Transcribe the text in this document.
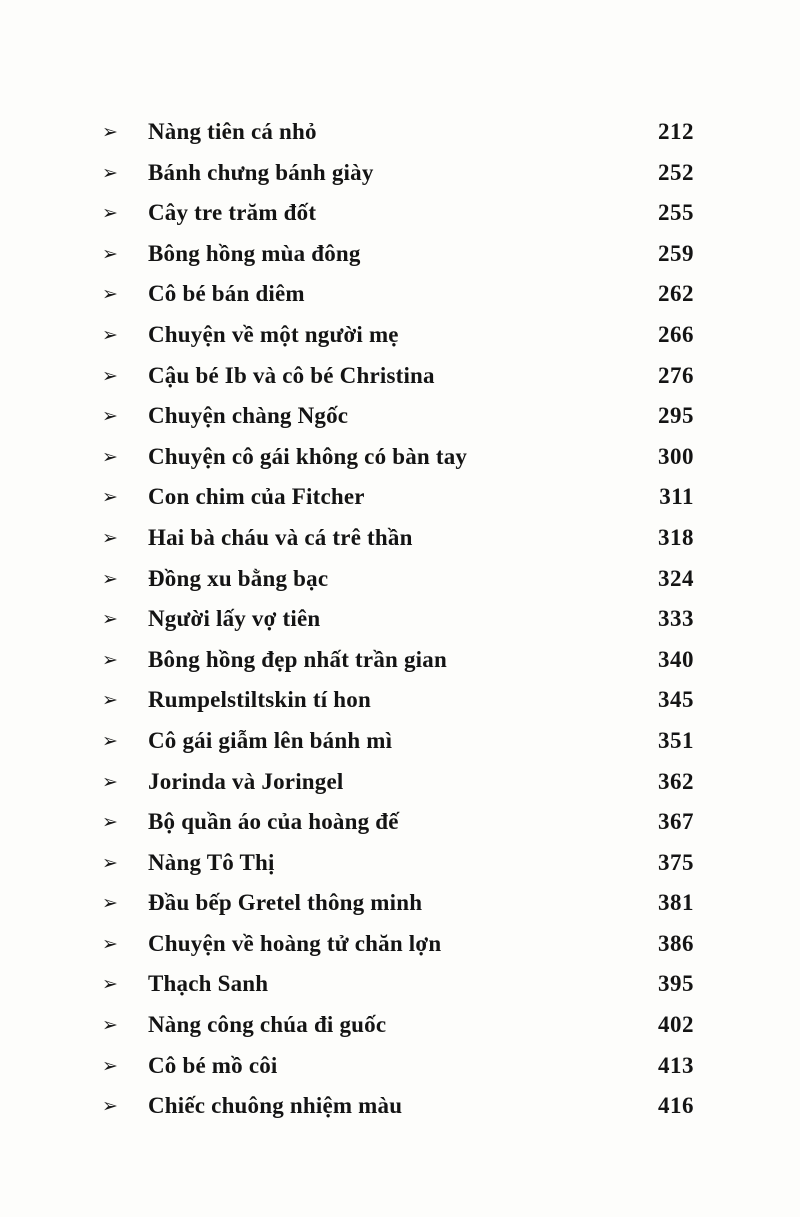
➢	Nàng tiên cá nhỏ	212
➢	Bánh chưng bánh giày	252
➢	Cây tre trăm đốt	255
➢	Bông hồng mùa đông	259
➢	Cô bé bán diêm	262
➢	Chuyện về một người mẹ	266
➢	Cậu bé Ib và cô bé Christina	276
➢	Chuyện chàng Ngốc	295
➢	Chuyện cô gái không có bàn tay	300
➢	Con chim của Fitcher	311
➢	Hai bà cháu và cá trê thần	318
➢	Đồng xu bằng bạc	324
➢	Người lấy vợ tiên	333
➢	Bông hồng đẹp nhất trần gian	340
➢	Rumpelstiltskin tí hon	345
➢	Cô gái giẫm lên bánh mì	351
➢	Jorinda và Joringel	362
➢	Bộ quần áo của hoàng đế	367
➢	Nàng Tô Thị	375
➢	Đầu bếp Gretel thông minh	381
➢	Chuyện về hoàng tử chăn lợn	386
➢	Thạch Sanh	395
➢	Nàng công chúa đi guốc	402
➢	Cô bé mồ côi	413
➢	Chiếc chuông nhiệm màu	416
